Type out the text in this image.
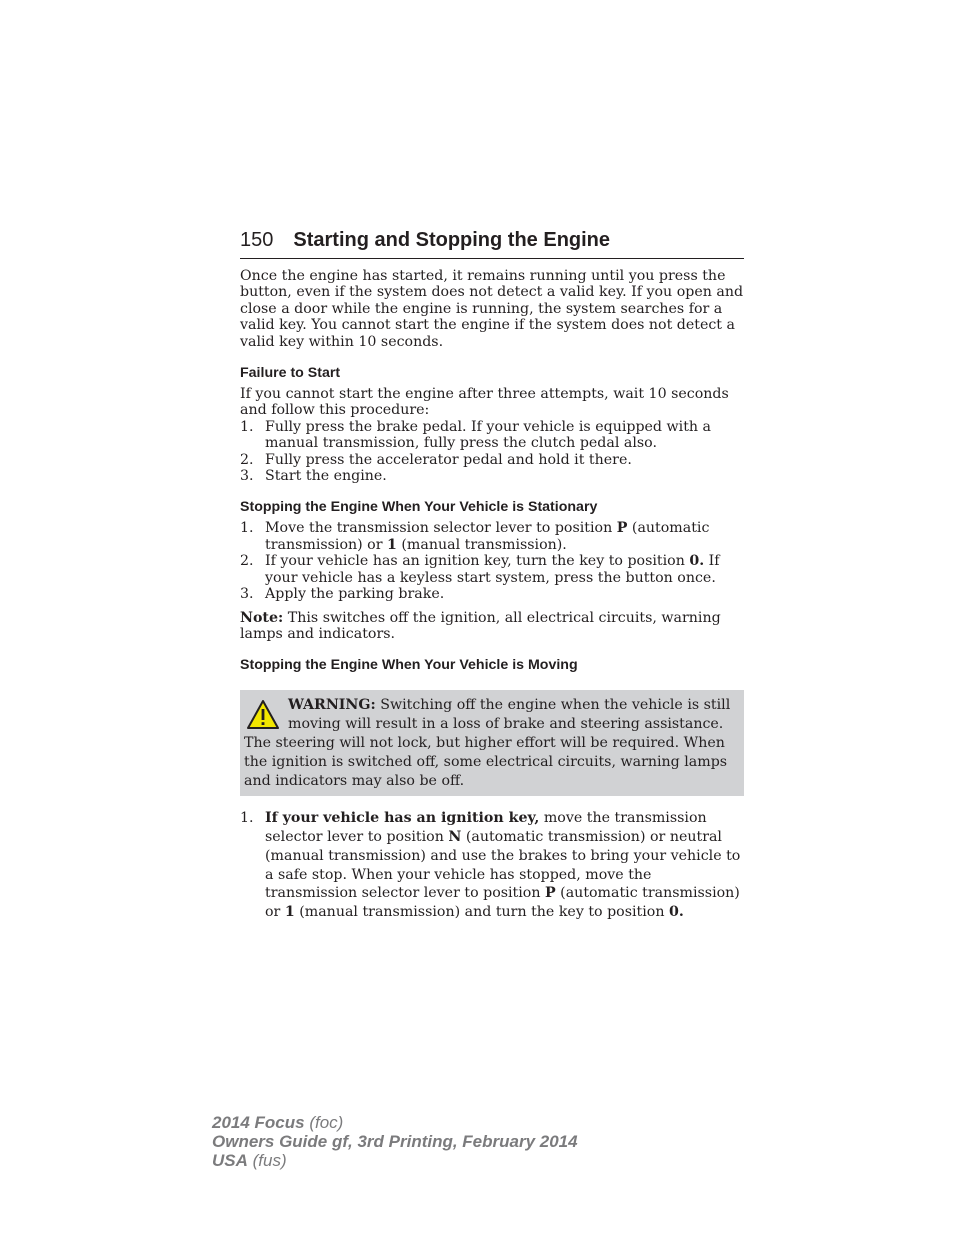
150 Starting and Stopping the Engine

Once the engine has started, it remains running until you press the button, even if the system does not detect a valid key. If you open and close a door while the engine is running, the system searches for a valid key. You cannot start the engine if the system does not detect a valid key within 10 seconds.

Failure to Start

If you cannot start the engine after three attempts, wait 10 seconds and follow this procedure:

1. Fully press the brake pedal. If your vehicle is equipped with a manual transmission, fully press the clutch pedal also.
2. Fully press the accelerator pedal and hold it there.
3. Start the engine.
Stopping the Engine When Your Vehicle is Stationary
1. Move the transmission selector lever to position P (automatic transmission) or 1 (manual transmission).
2. If your vehicle has an ignition key, turn the key to position 0. If your vehicle has a keyless start system, press the button once.
3. Apply the parking brake.

Note: This switches off the ignition, all electrical circuits, warning lamps and indicators.

Stopping the Engine When Your Vehicle is Moving
WARNING: Switching off the engine when the vehicle is still moving will result in a loss of brake and steering assistance. The steering will not lock, but higher effort will be required. When the ignition is switched off, some electrical circuits, warning lamps and indicators may also be off.
1. If your vehicle has an ignition key, move the transmission selector lever to position N (automatic transmission) or neutral (manual transmission) and use the brakes to bring your vehicle to a safe stop. When your vehicle has stopped, move the transmission selector lever to position P (automatic transmission) or 1 (manual transmission) and turn the key to position 0.
2014 Focus (foc)
Owners Guide gf, 3rd Printing, February 2014
USA (fus)
